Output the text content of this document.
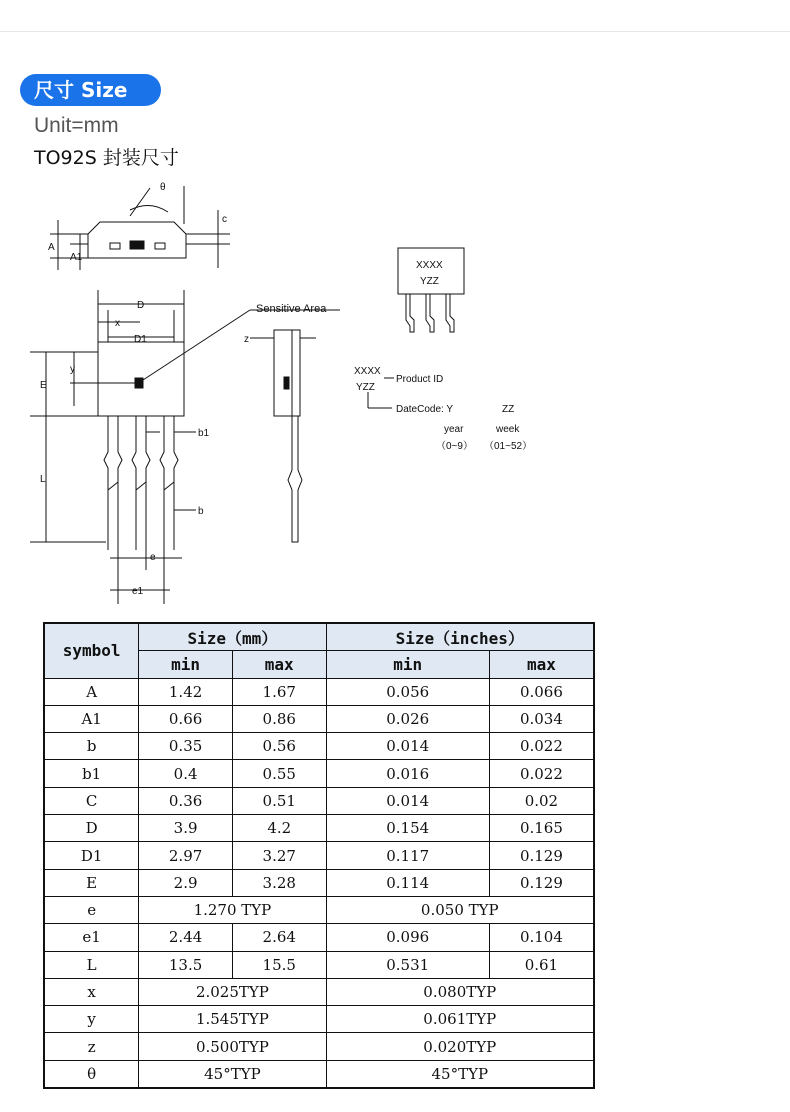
尺寸 Size
Unit=mm
TO92S 封装尺寸
θ
c
A
A1
D
x
D1
Sensitive Area
z
y
E
b1
L
b
e
e1
XXXX
YZZ
XXXX
YZZ
Product ID
DateCode: Y	ZZ
year	week
（0~9） （01~52）
symbol	Size（mm）		Size（inches）	
	min	max	min	max
A	1.42	1.67	0.056	0.066
A1	0.66	0.86	0.026	0.034
b	0.35	0.56	0.014	0.022
b1	0.4	0.55	0.016	0.022
C	0.36	0.51	0.014	0.02
D	3.9	4.2	0.154	0.165
D1	2.97	3.27	0.117	0.129
E	2.9	3.28	0.114	0.129
e	1.270 TYP		0.050 TYP	
e1	2.44	2.64	0.096	0.104
L	13.5	15.5	0.531	0.61
x	2.025TYP		0.080TYP	
y	1.545TYP		0.061TYP	
z	0.500TYP		0.020TYP	
θ	45°TYP		45°TYP	
